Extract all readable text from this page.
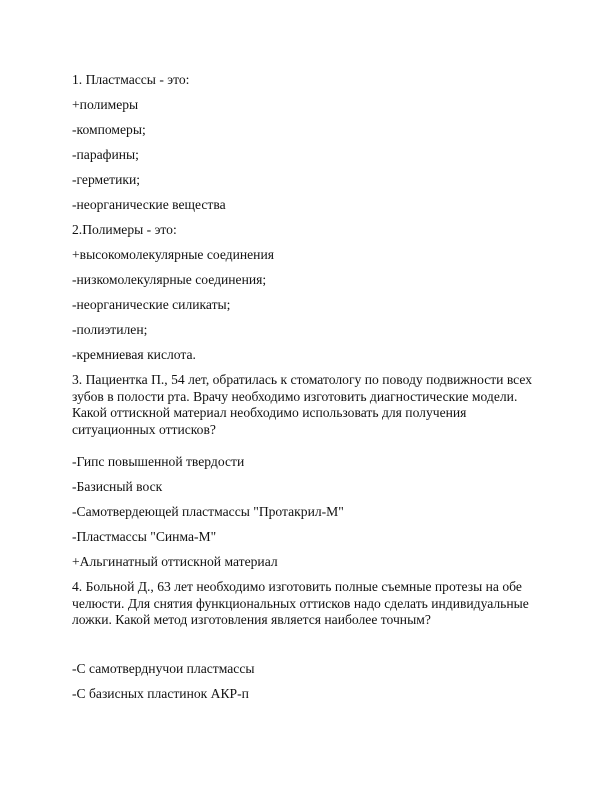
1. Пластмассы - это:

+полимеры

-компомеры;

-парафины;

-герметики;

-неорганические вещества

2.Полимеры - это:

+высокомолекулярные соединения

-низкомолекулярные соединения;

-неорганические силикаты;

-полиэтилен;

-кремниевая кислота.

3. Пациентка П., 54 лет, обратилась к стоматологу по поводу подвижности всех зубов в полости рта. Врачу необходимо изготовить диагностические модели. Какой оттискной материал необходимо использовать для получения ситуационных оттисков?

-Гипс повышенной твердости

-Базисный воск

-Самотвердеющей пластмассы "Протакрил-М"

-Пластмассы "Синма-М"

+Альгинатный оттискной материал

4. Больной Д., 63 лет необходимо изготовить полные съемные протезы на обе челюсти. Для снятия функциональных оттисков надо сделать индивидуальные ложки. Какой метод изготовления является наиболее точным?

-С самотверднучои пластмассы

-С базисных пластинок АКР-п
